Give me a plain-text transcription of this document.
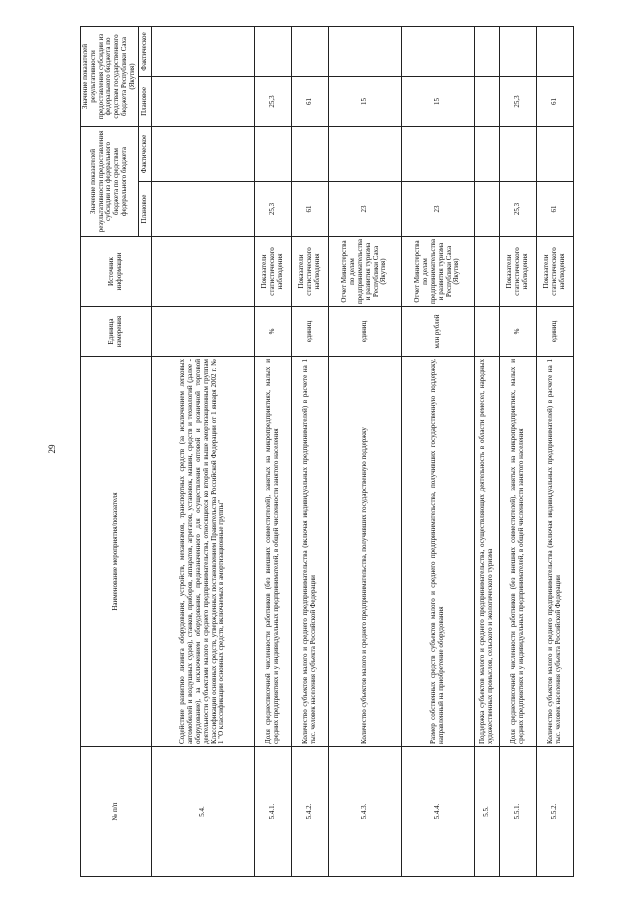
29
№ п/п	Наименование мероприятия/показателя	Единица измерения	Источник информации	Значение показателей результативности предоставления субсидии из федерального бюджета по средствам федерального бюджета		Значение показателей результативности предоставления субсидии из федерального бюджета по средствам государственного бюджета Республики Саха (Якутия)	
				Плановое	Фактическое	Плановое	Фактическое
5.4.	Содействие развитию лизинга оборудования, устройств, механизмов, транспортных средств (за исключением легковых автомобилей и воздушных судов), станков, приборов, аппаратов, агрегатов, установок, машин, средств и технологий (далее - оборудование), за исключением оборудования, предназначенного для осуществления оптовой и розничной торговой деятельности субъектами малого и среднего предпринимательства, относящихся ко второй и выше амортизационным группам Классификации основных средств, утвержденных постановлением Правительства Российской Федерации от 1 января 2002 г. № 1 "О классификации основных средств, включаемых в амортизационные группы"						
5.4.1.	Доля среднесписочной численности работников (без внешних совместителей), занятых на микропредприятиях, малых и средних предприятиях и у индивидуальных предпринимателей, в общей численности занятого населения	%	Показатели статистического наблюдения	25,3		25,3	
5.4.2.	Количество субъектов малого и среднего предпринимательства (включая индивидуальных предпринимателей) в расчете на 1 тыс. человек населения субъекта Российской Федерации	единиц	Показатели статистического наблюдения	61		61	
5.4.3.	Количество субъектов малого и среднего предпринимательства, получивших государственную поддержку	единиц	Отчет Министерства по делам предпринимательства и развития туризма Республики Саха (Якутия)	23		15	
5.4.4.	Размер собственных средств субъектов малого и среднего предпринимательства, получивших государственную поддержку, направленный на приобретение оборудования	млн рублей	Отчет Министерства по делам предпринимательства и развития туризма Республики Саха (Якутия)	23		15	
5.5.	Поддержка субъектов малого и среднего предпринимательства, осуществляющих деятельность в области ремесел, народных художественных промыслов, сельского и экологического туризма						
5.5.1.	Доля среднесписочной численности работников (без внешних совместителей), занятых на микропредприятиях, малых и средних предприятиях и у индивидуальных предпринимателей, в общей численности занятого населения	%	Показатели статистического наблюдения	25,3		25,3	
5.5.2.	Количество субъектов малого и среднего предпринимательства (включая индивидуальных предпринимателей) в расчете на 1 тыс. человек населения субъекта Российской Федерации	единиц	Показатели статистического наблюдения	61		61	
